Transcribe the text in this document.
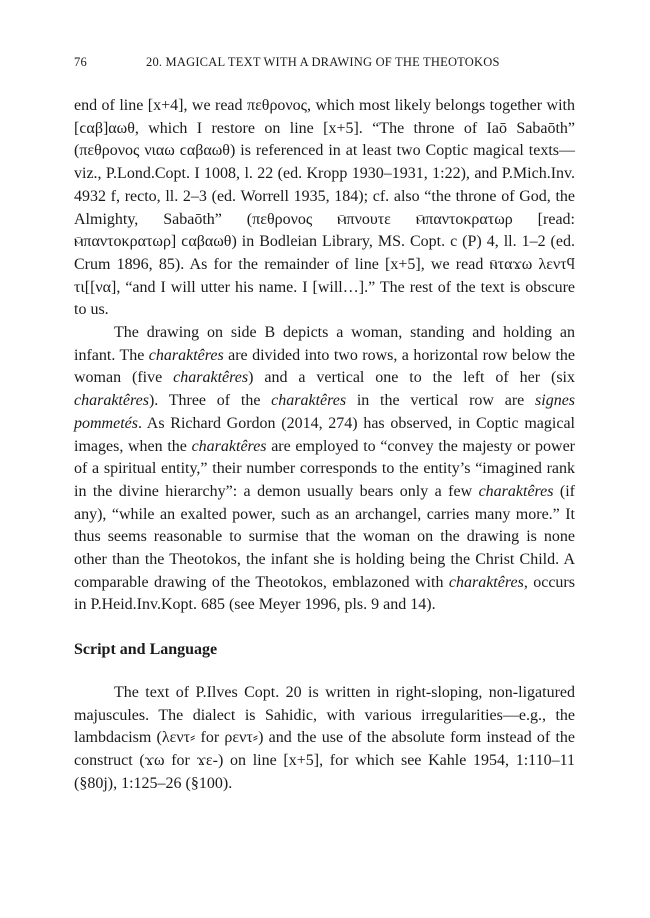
76	20. MAGICAL TEXT WITH A DRAWING OF THE THEOTOKOS

end of line [x+4], we read πεθρονος, which most likely belongs together with [ϲαβ]αωθ, which I restore on line [x+5]. “The throne of Iaō Sabaōth” (πεθρονος νιαω ϲαβαωθ) is referenced in at least two Coptic magical texts—viz., P.Lond.Copt. I 1008, l. 22 (ed. Kropp 1930–1931, 1:22), and P.Mich.Inv. 4932 f, recto, ll. 2–3 (ed. Worrell 1935, 184); cf. also “the throne of God, the Almighty, Sabaōth” (πεθρονος ⲙ̄πνουτε ⲙ̄παντοκρατωρ [read: ⲙ̄παντοκρατωρ] ϲαβαωθ) in Bodleian Library, MS. Copt. c (P) 4, ll. 1–2 (ed. Crum 1896, 85). As for the remainder of line [x+5], we read ⲛ̄ταϫω λεντϥ τι[[να], “and I will utter his name. I [will…].” The rest of the text is obscure to us.

The drawing on side B depicts a woman, standing and holding an infant. The charaktêres are divided into two rows, a horizontal row below the woman (five charaktêres) and a vertical one to the left of her (six charaktêres). Three of the charaktêres in the vertical row are signes pommetés. As Richard Gordon (2014, 274) has observed, in Coptic magical images, when the charaktêres are employed to “convey the majesty or power of a spiritual entity,” their number corresponds to the entity’s “imagined rank in the divine hierarchy”: a demon usually bears only a few charaktêres (if any), “while an exalted power, such as an archangel, carries many more.” It thus seems reasonable to surmise that the woman on the drawing is none other than the Theotokos, the infant she is holding being the Christ Child. A comparable drawing of the Theotokos, emblazoned with charaktêres, occurs in P.Heid.Inv.Kopt. 685 (see Meyer 1996, pls. 9 and 14).

Script and Language

The text of P.Ilves Copt. 20 is written in right-sloping, non-ligatured majuscules. The dialect is Sahidic, with various irregularities—e.g., the lambdacism (λεντ⸗ for ρεντ⸗) and the use of the absolute form instead of the construct (ϫω for ϫε-) on line [x+5], for which see Kahle 1954, 1:110–11 (§80j), 1:125–26 (§100).
